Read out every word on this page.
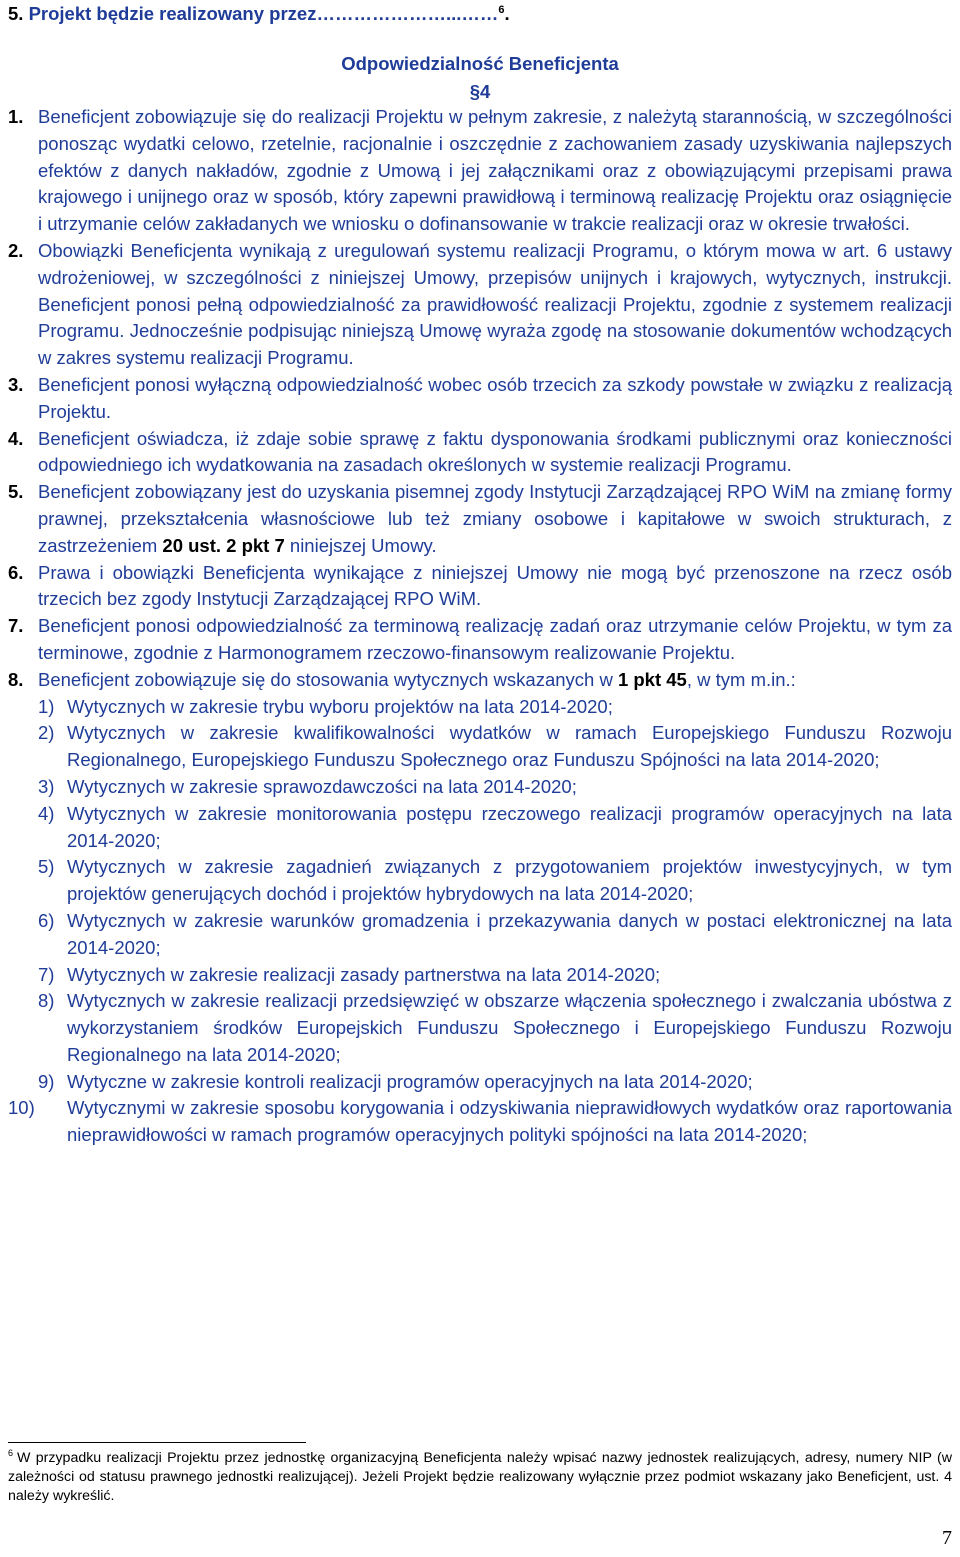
5. Projekt będzie realizowany przez…………………...……$^6$.
Odpowiedzialność Beneficjenta
§4

1. Beneficjent zobowiązuje się do realizacji Projektu w pełnym zakresie, z należytą starannością, w szczególności ponosząc wydatki celowo, rzetelnie, racjonalnie i oszczędnie z zachowaniem zasady uzyskiwania najlepszych efektów z danych nakładów, zgodnie z Umową i jej załącznikami oraz z obowiązującymi przepisami prawa krajowego i unijnego oraz w sposób, który zapewni prawidłową i terminową realizację Projektu oraz osiągnięcie i utrzymanie celów zakładanych we wniosku o dofinansowanie w trakcie realizacji oraz w okresie trwałości.

2. Obowiązki Beneficjenta wynikają z uregulowań systemu realizacji Programu, o którym mowa w art. 6 ustawy wdrożeniowej, w szczególności z niniejszej Umowy, przepisów unijnych i krajowych, wytycznych, instrukcji. Beneficjent ponosi pełną odpowiedzialność za prawidłowość realizacji Projektu, zgodnie z systemem realizacji Programu. Jednocześnie podpisując niniejszą Umowę wyraża zgodę na stosowanie dokumentów wchodzących w zakres systemu realizacji Programu.

3. Beneficjent ponosi wyłączną odpowiedzialność wobec osób trzecich za szkody powstałe w związku z realizacją Projektu.

4. Beneficjent oświadcza, iż zdaje sobie sprawę z faktu dysponowania środkami publicznymi oraz konieczności odpowiedniego ich wydatkowania na zasadach określonych w systemie realizacji Programu.

5. Beneficjent zobowiązany jest do uzyskania pisemnej zgody Instytucji Zarządzającej RPO WiM na zmianę formy prawnej, przekształcenia własnościowe lub też zmiany osobowe i kapitałowe w swoich strukturach, z zastrzeżeniem 20 ust. 2 pkt 7 niniejszej Umowy.

6. Prawa i obowiązki Beneficjenta wynikające z niniejszej Umowy nie mogą być przenoszone na rzecz osób trzecich bez zgody Instytucji Zarządzającej RPO WiM.

7. Beneficjent ponosi odpowiedzialność za terminową realizację zadań oraz utrzymanie celów Projektu, w tym za terminowe, zgodnie z Harmonogramem rzeczowo-finansowym realizowanie Projektu.

8. Beneficjent zobowiązuje się do stosowania wytycznych wskazanych w 1 pkt 45, w tym m.in.:

1) Wytycznych w zakresie trybu wyboru projektów na lata 2014-2020;

2) Wytycznych w zakresie kwalifikowalności wydatków w ramach Europejskiego Funduszu Rozwoju Regionalnego, Europejskiego Funduszu Społecznego oraz Funduszu Spójności na lata 2014-2020;

3) Wytycznych w zakresie sprawozdawczości na lata 2014-2020;

4) Wytycznych w zakresie monitorowania postępu rzeczowego realizacji programów operacyjnych na lata 2014-2020;

5) Wytycznych w zakresie zagadnień związanych z przygotowaniem projektów inwestycyjnych, w tym projektów generujących dochód i projektów hybrydowych na lata 2014-2020;

6) Wytycznych w zakresie warunków gromadzenia i przekazywania danych w postaci elektronicznej na lata 2014-2020;

7) Wytycznych w zakresie realizacji zasady partnerstwa na lata 2014-2020;

8) Wytycznych w zakresie realizacji przedsięwzięć w obszarze włączenia społecznego i zwalczania ubóstwa z wykorzystaniem środków Europejskich Funduszu Społecznego i Europejskiego Funduszu Rozwoju Regionalnego na lata 2014-2020;

9) Wytyczne w zakresie kontroli realizacji programów operacyjnych na lata 2014-2020;

10) Wytycznymi w zakresie sposobu korygowania i odzyskiwania nieprawidłowych wydatków oraz raportowania nieprawidłowości w ramach programów operacyjnych polityki spójności na lata 2014-2020;

$^6$ W przypadku realizacji Projektu przez jednostkę organizacyjną Beneficjenta należy wpisać nazwy jednostek realizujących, adresy, numery NIP (w zależności od statusu prawnego jednostki realizującej). Jeżeli Projekt będzie realizowany wyłącznie przez podmiot wskazany jako Beneficjent, ust. 4 należy wykreślić.
7
